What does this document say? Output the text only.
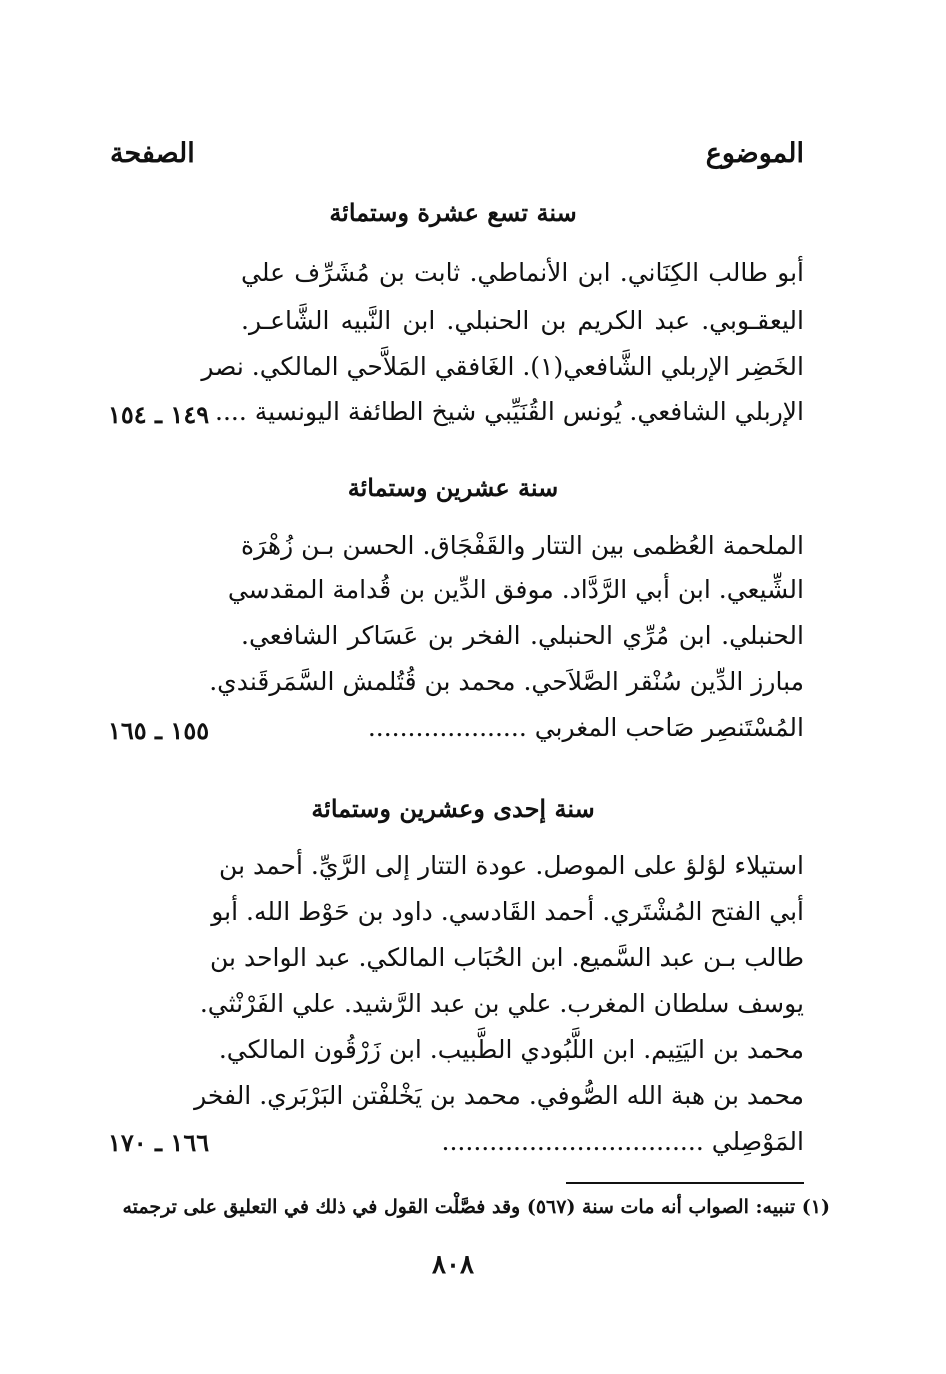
الموضوع
الصفحة
سنة تسع عشرة وستمائة
أبو طالب الكِنَاني. ابن الأنماطي. ثابت بن مُشَرِّف علي
اليعقـوبي. عبد الكريم بن الحنبلي. ابن النَّبيه الشَّاعـر.
الخَضِر الإربلي الشَّافعي(١). الغَافقي المَلاَّحي المالكي. نصر
الإربلي الشافعي. يُونس القُنَيِّبي شيخ الطائفة اليونسية ....
١٤٩ ـ ١٥٤
سنة عشرين وستمائة
الملحمة العُظمى بين التتار والقَفْجَاق. الحسن بـن زُهْرَة
الشِّيعي. ابن أبي الرَّدَّاد. موفق الدِّين بن قُدامة المقدسي
الحنبلي. ابن مُرِّي الحنبلي. الفخر بن عَسَاكر الشافعي.
مبارز الدِّين سُنْقر الصَّلاَحي. محمد بن قُتُلمش السَّمَرقَندي.
المُسْتَنصِر صَاحب المغربي ....................
١٥٥ ـ ١٦٥
سنة إحدى وعشرين وستمائة
استيلاء لؤلؤ على الموصل. عودة التتار إلى الرَّيِّ. أحمد بن
أبي الفتح المُشْتَري. أحمد القَادسي. داود بن حَوْط الله. أبو
طالب بـن عبد السَّميع. ابن الحُبَاب المالكي. عبد الواحد بن
يوسف سلطان المغرب. علي بن عبد الرَّشيد. علي الفَرْنْثي.
محمد بن اليَتِيم. ابن اللَّبُودي الطَّبيب. ابن زَرْقُون المالكي.
محمد بن هبة الله الصُّوفي. محمد بن يَخْلفْتن البَرْبَري. الفخر
المَوْصِلي .................................
١٦٦ ـ ١٧٠
(١) تنبيه: الصواب أنه مات سنة (٥٦٧) وقد فصَّلْت القول في ذلك في التعليق على ترجمته
٨٠٨
